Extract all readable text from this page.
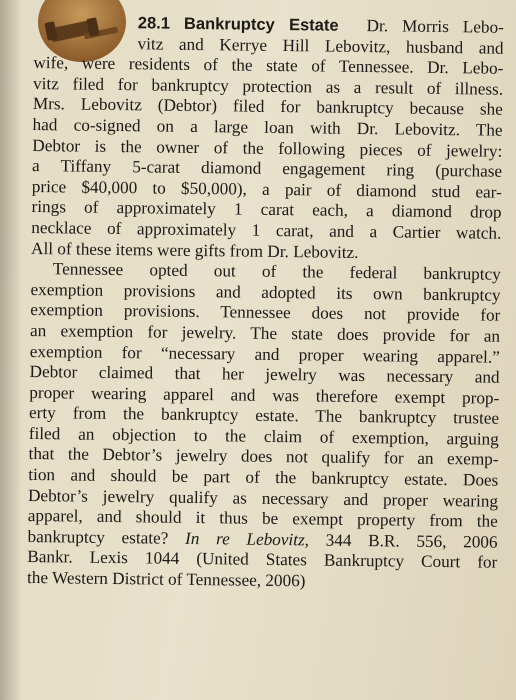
28.1 Bankruptcy Estate Dr. Morris Lebo-
vitz and Kerrye Hill Lebovitz, husband and
wife, were residents of the state of Tennessee. Dr. Lebo-
vitz filed for bankruptcy protection as a result of illness.
Mrs. Lebovitz (Debtor) filed for bankruptcy because she
had co-signed on a large loan with Dr. Lebovitz. The
Debtor is the owner of the following pieces of jewelry:
a Tiffany 5-carat diamond engagement ring (purchase
price $40,000 to $50,000), a pair of diamond stud ear-
rings of approximately 1 carat each, a diamond drop
necklace of approximately 1 carat, and a Cartier watch.
All of these items were gifts from Dr. Lebovitz.
Tennessee opted out of the federal bankruptcy
exemption provisions and adopted its own bankruptcy
exemption provisions. Tennessee does not provide for
an exemption for jewelry. The state does provide for an
exemption for “necessary and proper wearing apparel.”
Debtor claimed that her jewelry was necessary and
proper wearing apparel and was therefore exempt prop-
erty from the bankruptcy estate. The bankruptcy trustee
filed an objection to the claim of exemption, arguing
that the Debtor’s jewelry does not qualify for an exemp-
tion and should be part of the bankruptcy estate. Does
Debtor’s jewelry qualify as necessary and proper wearing
apparel, and should it thus be exempt property from the
bankruptcy estate? In re Lebovitz, 344 B.R. 556, 2006
Bankr. Lexis 1044 (United States Bankruptcy Court for
the Western District of Tennessee, 2006)
